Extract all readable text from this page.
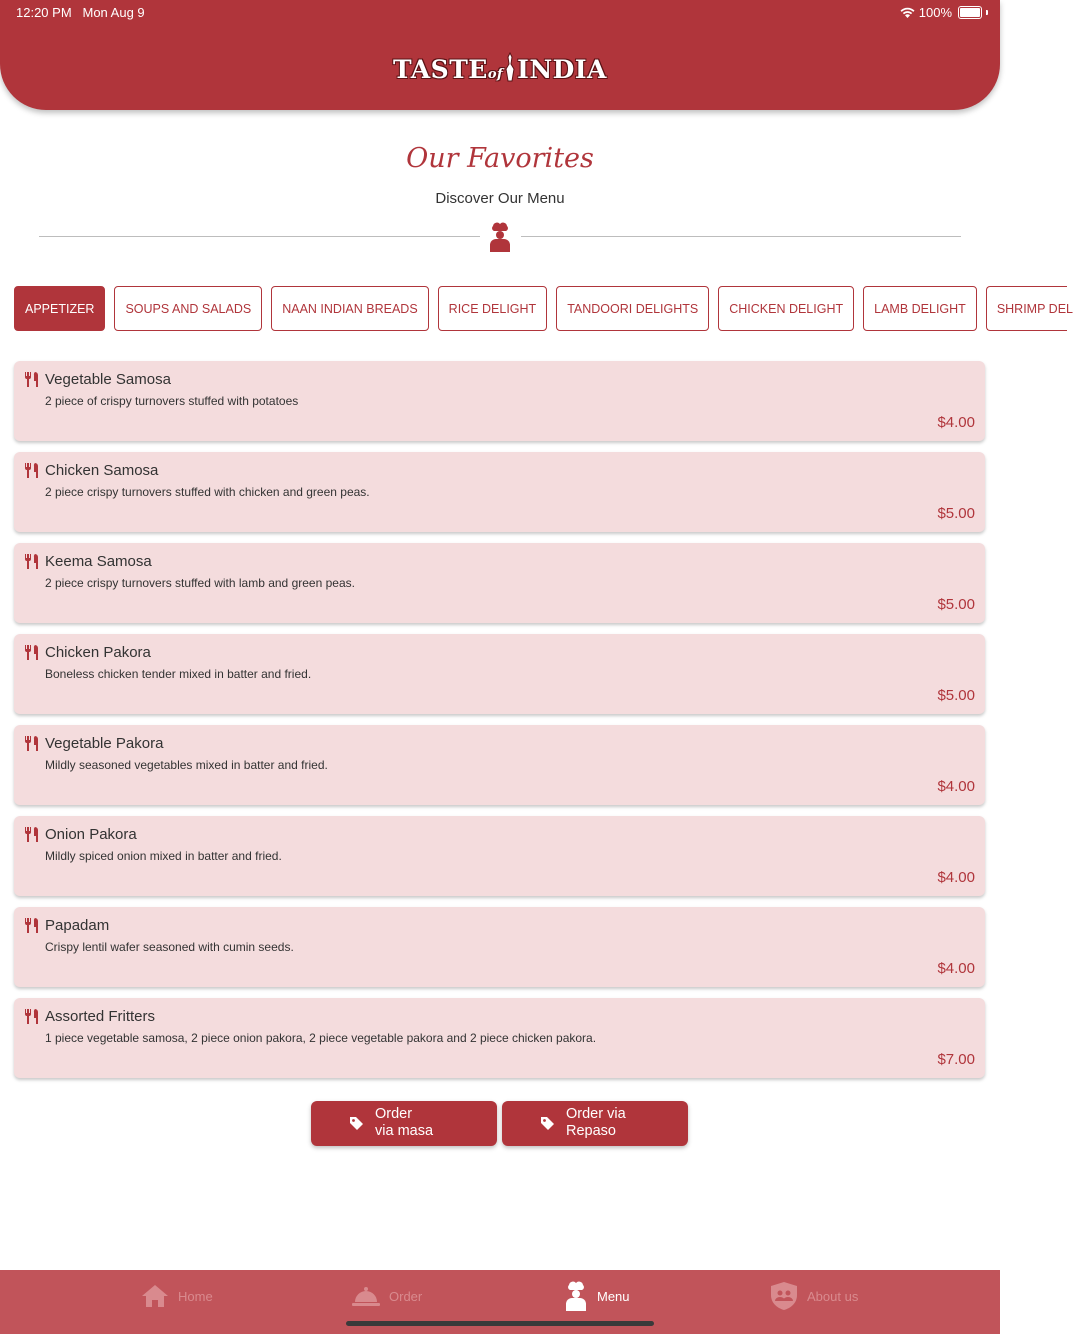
12:20 PM Mon Aug 9	100%
TASTEof INDIA
Our Favorites
Discover Our Menu
APPETIZER	SOUPS AND SALADS	NAAN INDIAN BREADS	RICE DELIGHT	TANDOORI DELIGHTS	CHICKEN DELIGHT	LAMB DELIGHT	SHRIMP DEL
Vegetable Samosa
2 piece of crispy turnovers stuffed with potatoes
$4.00
Chicken Samosa
2 piece crispy turnovers stuffed with chicken and green peas.
$5.00
Keema Samosa
2 piece crispy turnovers stuffed with lamb and green peas.
$5.00
Chicken Pakora
Boneless chicken tender mixed in batter and fried.
$5.00
Vegetable Pakora
Mildly seasoned vegetables mixed in batter and fried.
$4.00
Onion Pakora
Mildly spiced onion mixed in batter and fried.
$4.00
Papadam
Crispy lentil wafer seasoned with cumin seeds.
$4.00
Assorted Fritters
1 piece vegetable samosa, 2 piece onion pakora, 2 piece vegetable pakora and 2 piece chicken pakora.
$7.00
Order
via masa
Order via
Repaso
Home	Order	Menu	About us
